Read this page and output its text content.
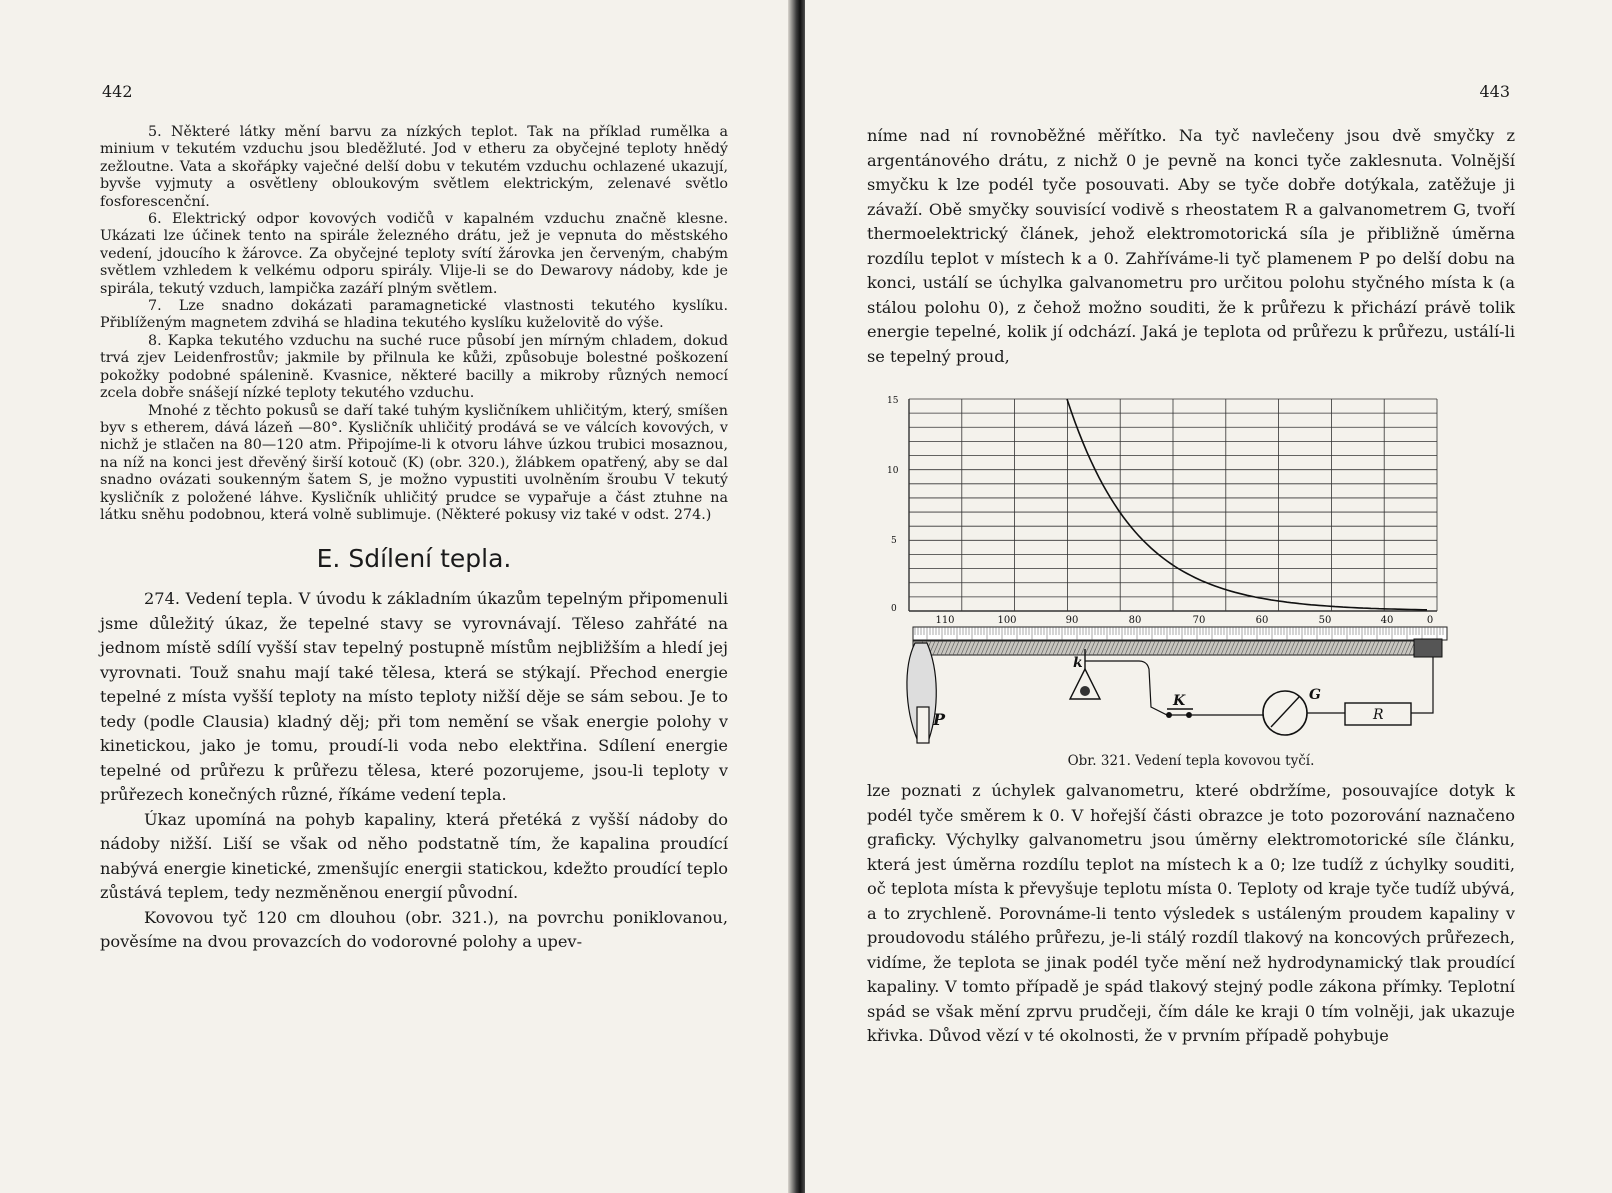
442

5. Některé látky mění barvu za nízkých teplot. Tak na příklad rumělka a minium v tekutém vzduchu jsou bleděžluté. Jod v etheru za obyčejné teploty hnědý zežloutne. Vata a skořápky vaječné delší dobu v tekutém vzduchu ochlazené ukazují, byvše vyjmuty a osvětleny obloukovým světlem elektrickým, zelenavé světlo fosforescenční.

6. Elektrický odpor kovových vodičů v kapalném vzduchu značně klesne. Ukázati lze účinek tento na spirále železného drátu, jež je vepnuta do městského vedení, jdoucího k žárovce. Za obyčejné teploty svítí žárovka jen červeným, chabým světlem vzhledem k velkému odporu spirály. Vlije-li se do Dewarovy nádoby, kde je spirála, tekutý vzduch, lampička zazáří plným světlem.

7. Lze snadno dokázati paramagnetické vlastnosti tekutého kyslíku. Přiblíženým magnetem zdvihá se hladina tekutého kyslíku kuželovitě do výše.

8. Kapka tekutého vzduchu na suché ruce působí jen mírným chladem, dokud trvá zjev Leidenfrostův; jakmile by přilnula ke kůži, způsobuje bolestné poškození pokožky podobné spálenině. Kvasnice, některé bacilly a mikroby různých nemocí zcela dobře snášejí nízké teploty tekutého vzduchu.

Mnohé z těchto pokusů se daří také tuhým kysličníkem uhličitým, který, smíšen byv s etherem, dává lázeň —80°. Kysličník uhličitý prodává se ve válcích kovových, v nichž je stlačen na 80—120 atm. Připojíme-li k otvoru láhve úzkou trubici mosaznou, na níž na konci jest dřevěný širší kotouč (K) (obr. 320.), žlábkem opatřený, aby se dal snadno ovázati soukenným šatem S, je možno vypustiti uvolněním šroubu V tekutý kysličník z položené láhve. Kysličník uhličitý prudce se vypařuje a část ztuhne na látku sněhu podobnou, která volně sublimuje. (Některé pokusy viz také v odst. 274.)

E. Sdílení tepla.

274. Vedení tepla. V úvodu k základním úkazům tepelným připomenuli jsme důležitý úkaz, že tepelné stavy se vyrovnávají. Těleso zahřáté na jednom místě sdílí vyšší stav tepelný postupně místům nejbližším a hledí jej vyrovnati. Touž snahu mají také tělesa, která se stýkají. Přechod energie tepelné z místa vyšší teploty na místo teploty nižší děje se sám sebou. Je to tedy (podle Clausia) kladný děj; při tom nemění se však energie polohy v kinetickou, jako je tomu, proudí-li voda nebo elektřina. Sdílení energie tepelné od průřezu k průřezu tělesa, které pozorujeme, jsou-li teploty v průřezech konečných různé, říkáme vedení tepla.

Úkaz upomíná na pohyb kapaliny, která přetéká z vyšší nádoby do nádoby nižší. Liší se však od něho podstatně tím, že kapalina proudící nabývá energie kinetické, zmenšujíc energii statickou, kdežto proudící teplo zůstává teplem, tedy nezměněnou energií původní.

Kovovou tyč 120 cm dlouhou (obr. 321.), na povrchu poniklovanou, pověsíme na dvou provazcích do vodorovné polohy a upev-

443

níme nad ní rovnoběžné měřítko. Na tyč navlečeny jsou dvě smyčky z argentánového drátu, z nichž 0 je pevně na konci tyče zaklesnuta. Volnější smyčku k lze podél tyče posouvati. Aby se tyče dobře dotýkala, zatěžuje ji závaží. Obě smyčky souvisící vodivě s rheostatem R a galvanometrem G, tvoří thermoelektrický článek, jehož elektromotorická síla je přibližně úměrna rozdílu teplot v místech k a 0. Zahříváme-li tyč plamenem P po delší dobu na konci, ustálí se úchylka galvanometru pro určitou polohu styčného místa k (a stálou polohu 0), z čehož možno souditi, že k průřezu k přichází právě tolik energie tepelné, kolik jí odchází. Jaká je teplota od průřezu k průřezu, ustálí-li se tepelný proud,

15
10
5
0
110	100	90	80	70	60	50	40	0
P
k
K	G
R
Obr. 321. Vedení tepla kovovou tyčí.

lze poznati z úchylek galvanometru, které obdržíme, posouvajíce dotyk k podél tyče směrem k 0. V hořejší části obrazce je toto pozorování naznačeno graficky. Výchylky galvanometru jsou úměrny elektromotorické síle článku, která jest úměrna rozdílu teplot na místech k a 0; lze tudíž z úchylky souditi, oč teplota místa k převyšuje teplotu místa 0. Teploty od kraje tyče tudíž ubývá, a to zrychleně. Porovnáme-li tento výsledek s ustáleným proudem kapaliny v proudovodu stálého průřezu, je-li stálý rozdíl tlakový na koncových průřezech, vidíme, že teplota se jinak podél tyče mění než hydrodynamický tlak proudící kapaliny. V tomto případě je spád tlakový stejný podle zákona přímky. Teplotní spád se však mění zprvu prudčeji, čím dále ke kraji 0 tím volněji, jak ukazuje křivka. Důvod vězí v té okolnosti, že v prvním případě pohybuje
